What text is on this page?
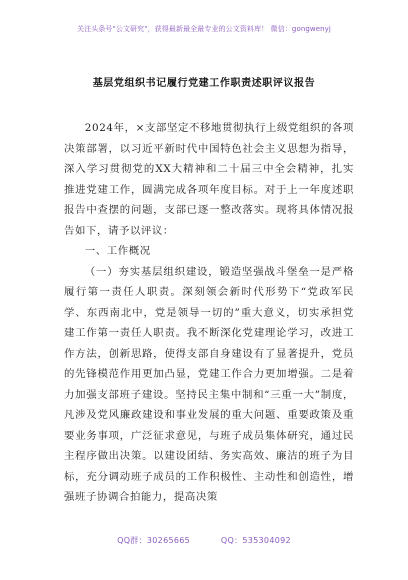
关注头条号"公文研究"，获得最新最全最专业的公文资料库！ 微信：gongwenyj
基层党组织书记履行党建工作职责述职评议报告

2024年，×支部坚定不移地贯彻执行上级党组织的各项决策部署，以习近平新时代中国特色社会主义思想为指导，深入学习贯彻党的XX大精神和二十届三中全会精神，扎实推进党建工作，圆满完成各项年度目标。对于上一年度述职报告中查摆的问题，支部已逐一整改落实。现将具体情况报告如下，请予以评议：

一、工作概况

（一）夯实基层组织建设，锻造坚强战斗堡垒一是严格履行第一责任人职责。深刻领会新时代形势下“党政军民学、东西南北中，党是领导一切的”重大意义，切实承担党建工作第一责任人职责。我不断深化党建理论学习，改进工作方法，创新思路，使得支部自身建设有了显著提升，党员的先锋模范作用更加凸显，党建工作合力更加增强。二是着力加强支部班子建设。坚持民主集中制和“三重一大”制度，凡涉及党风廉政建设和事业发展的重大问题、重要政策及重要业务事项，广泛征求意见，与班子成员集体研究，通过民主程序做出决策。以建设团结、务实高效、廉洁的班子为目标，充分调动班子成员的工作积极性、主动性和创造性，增强班子协调合拍能力，提高决策

QQ群：30265665	QQ：535304092
